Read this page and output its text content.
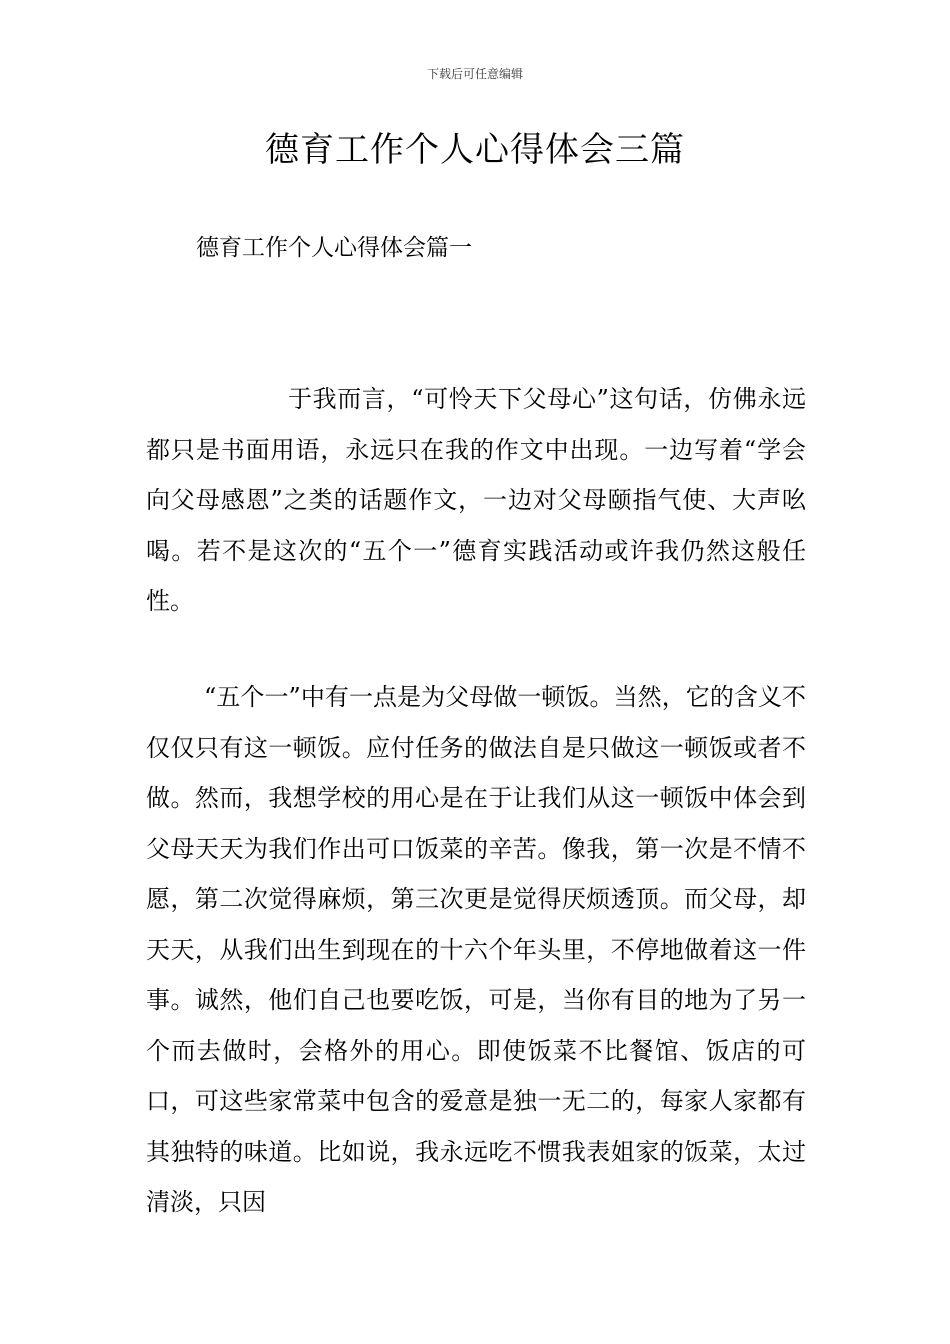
下载后可任意编辑
德育工作个人心得体会三篇
德育工作个人心得体会篇一

于我而言，“可怜天下父母心”这句话，仿佛永远都只是书面用语，永远只在我的作文中出现。一边写着“学会向父母感恩”之类的话题作文，一边对父母颐指气使、大声吆喝。若不是这次的“五个一”德育实践活动或许我仍然这般任性。

“五个一”中有一点是为父母做一顿饭。当然，它的含义不仅仅只有这一顿饭。应付任务的做法自是只做这一顿饭或者不做。然而，我想学校的用心是在于让我们从这一顿饭中体会到父母天天为我们作出可口饭菜的辛苦。像我，第一次是不情不愿，第二次觉得麻烦，第三次更是觉得厌烦透顶。而父母，却天天，从我们出生到现在的十六个年头里，不停地做着这一件事。诚然，他们自己也要吃饭，可是，当你有目的地为了另一个而去做时，会格外的用心。即使饭菜不比餐馆、饭店的可口，可这些家常菜中包含的爱意是独一无二的，每家人家都有其独特的味道。比如说，我永远吃不惯我表姐家的饭菜，太过清淡，只因
